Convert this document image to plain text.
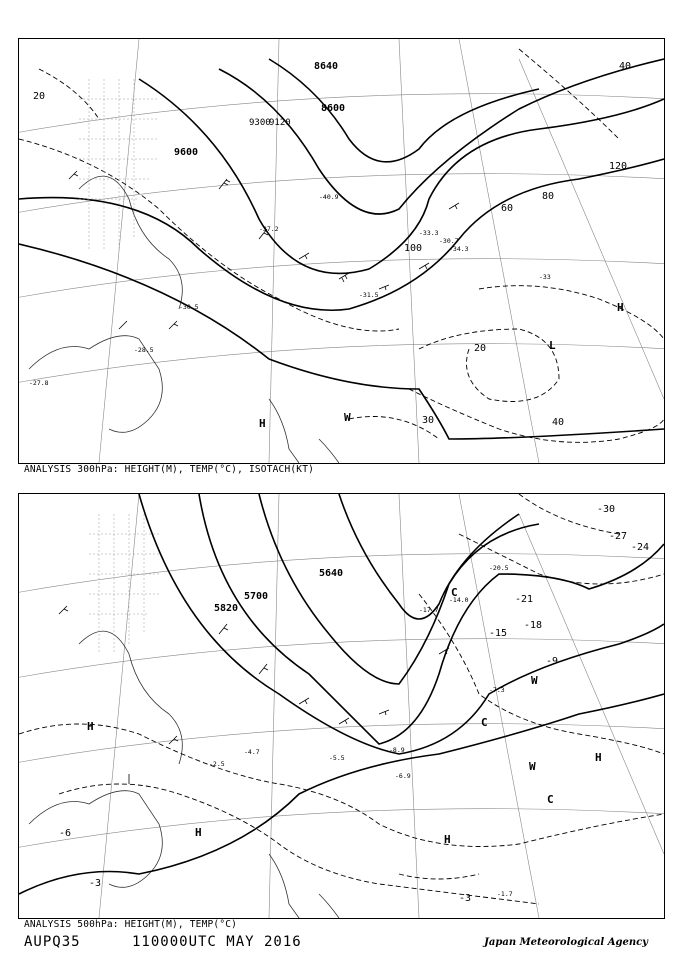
9600
8600
8640
9300
9120
20
40
60
80
100
120
30	40
20
-28.5
-30.5
-34.3
-40.9
-33.3
-27.8
-30.7
-33
-31.5
-37.2
H
H
L
W
ANALYSIS 300hPa: HEIGHT(M), TEMP(°C), ISOTACH(KT)
5820
5700
5640
-30
-27
-24
-21
-18
-15
-9
-6
-3
-3
-7.3
-20.5
-17.7
-14.0
-8.9
-6.9
-5.5
-4.7
-2.5
-1.7
H
H
H
W
C
C
W
C
H
ANALYSIS 500hPa: HEIGHT(M), TEMP(°C)
AUPQ35	110000UTC MAY 2016	Japan Meteorological Agency
